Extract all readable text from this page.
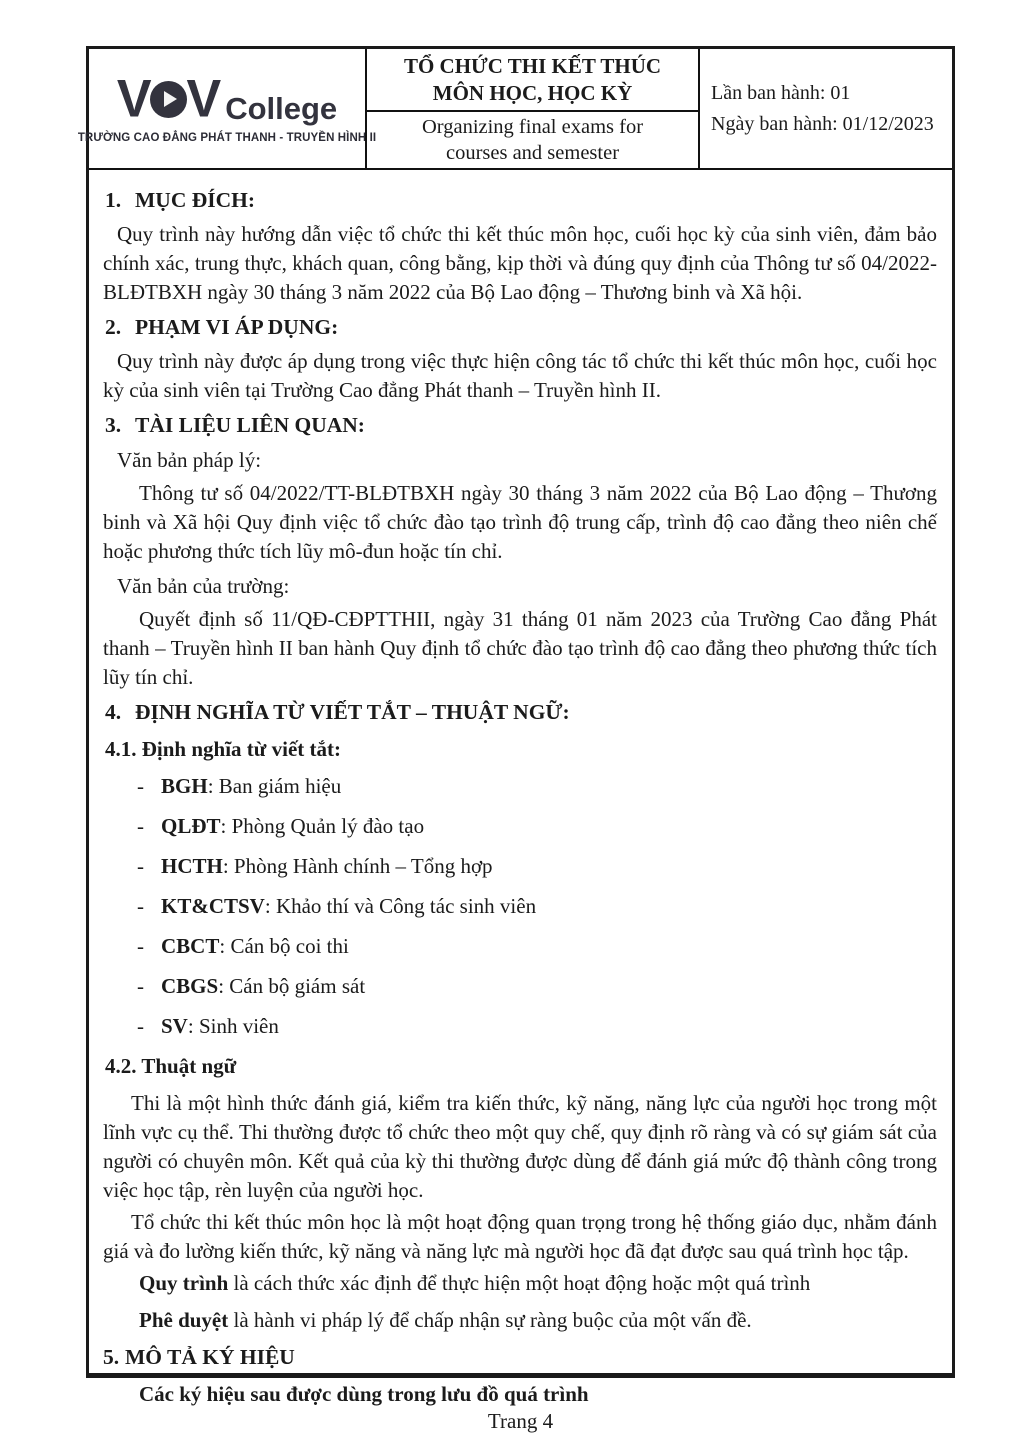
V V College
TRƯỜNG CAO ĐẲNG PHÁT THANH - TRUYỀN HÌNH II
TỔ CHỨC THI KẾT THÚC
MÔN HỌC, HỌC KỲ
Organizing final exams for courses and semester
Lần ban hành: 01
Ngày ban hành: 01/12/2023

1. MỤC ĐÍCH:

Quy trình này hướng dẫn việc tổ chức thi kết thúc môn học, cuối học kỳ của sinh viên, đảm bảo chính xác, trung thực, khách quan, công bằng, kịp thời và đúng quy định của Thông tư số 04/2022-BLĐTBXH ngày 30 tháng 3 năm 2022 của Bộ Lao động – Thương binh và Xã hội.

2. PHẠM VI ÁP DỤNG:

Quy trình này được áp dụng trong việc thực hiện công tác tổ chức thi kết thúc môn học, cuối học kỳ của sinh viên tại Trường Cao đẳng Phát thanh – Truyền hình II.

3. TÀI LIỆU LIÊN QUAN:

Văn bản pháp lý:

Thông tư số 04/2022/TT-BLĐTBXH ngày 30 tháng 3 năm 2022 của Bộ Lao động – Thương binh và Xã hội Quy định việc tổ chức đào tạo trình độ trung cấp, trình độ cao đẳng theo niên chế hoặc phương thức tích lũy mô-đun hoặc tín chỉ.

Văn bản của trường:

Quyết định số 11/QĐ-CĐPTTHII, ngày 31 tháng 01 năm 2023 của Trường Cao đẳng Phát thanh – Truyền hình II ban hành Quy định tổ chức đào tạo trình độ cao đẳng theo phương thức tích lũy tín chỉ.

4. ĐỊNH NGHĨA TỪ VIẾT TẮT – THUẬT NGỮ:

4.1. Định nghĩa từ viết tắt:

- BGH: Ban giám hiệu

- QLĐT: Phòng Quản lý đào tạo

- HCTH: Phòng Hành chính – Tổng hợp

- KT&CTSV: Khảo thí và Công tác sinh viên

- CBCT: Cán bộ coi thi

- CBGS: Cán bộ giám sát

- SV: Sinh viên

4.2. Thuật ngữ

Thi là một hình thức đánh giá, kiểm tra kiến thức, kỹ năng, năng lực của người học trong một lĩnh vực cụ thể. Thi thường được tổ chức theo một quy chế, quy định rõ ràng và có sự giám sát của người có chuyên môn. Kết quả của kỳ thi thường được dùng để đánh giá mức độ thành công trong việc học tập, rèn luyện của người học.

Tổ chức thi kết thúc môn học là một hoạt động quan trọng trong hệ thống giáo dục, nhằm đánh giá và đo lường kiến thức, kỹ năng và năng lực mà người học đã đạt được sau quá trình học tập.

Quy trình là cách thức xác định để thực hiện một hoạt động hoặc một quá trình

Phê duyệt là hành vi pháp lý để chấp nhận sự ràng buộc của một vấn đề.

5. MÔ TẢ KÝ HIỆU

Các ký hiệu sau được dùng trong lưu đồ quá trình

Trang 4
